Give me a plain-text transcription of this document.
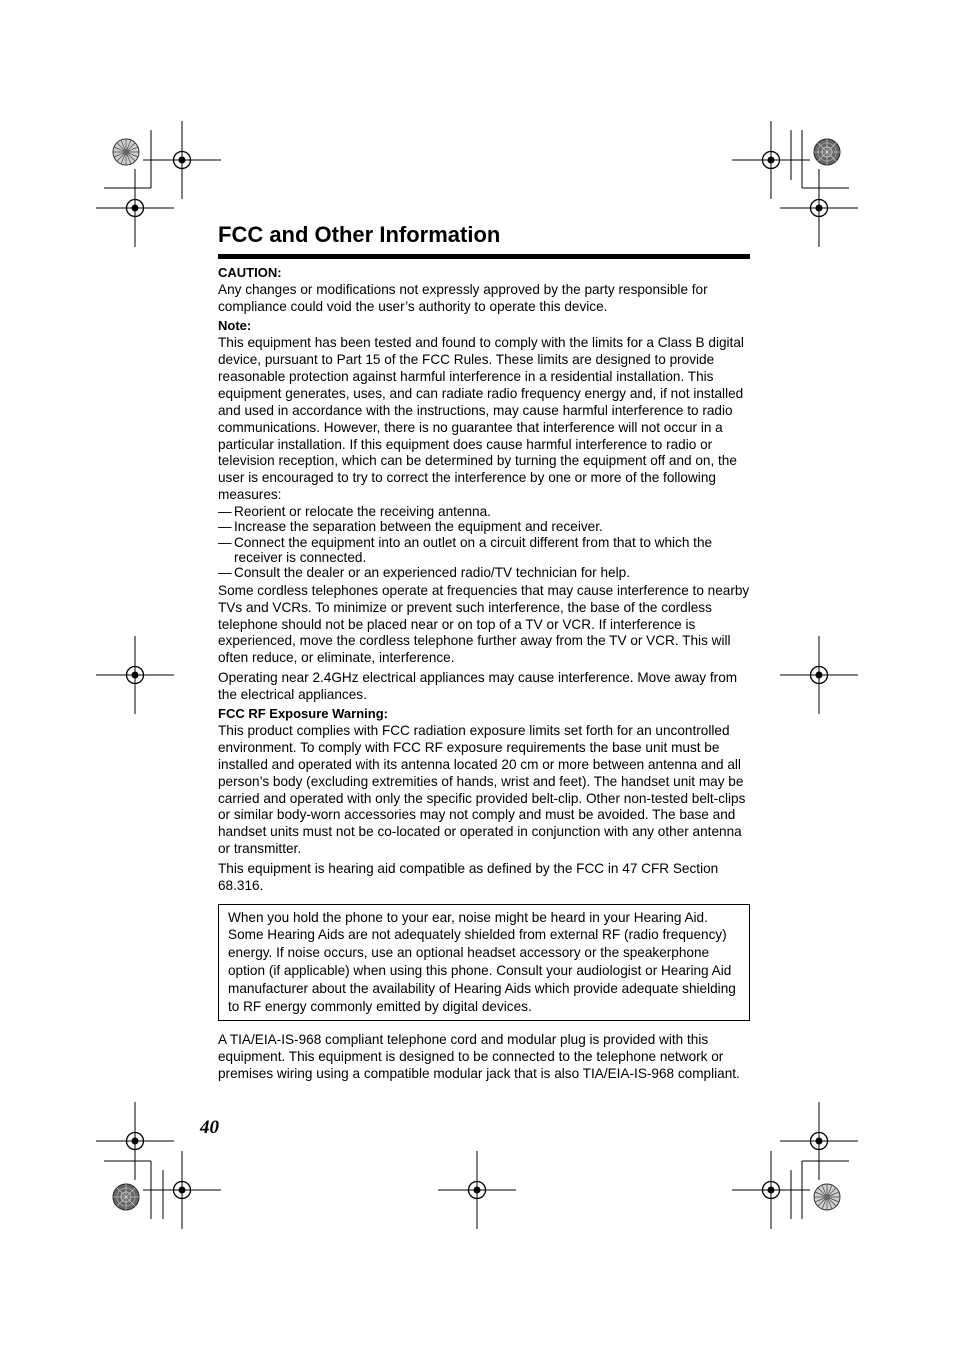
FCC and Other Information

CAUTION:

Any changes or modifications not expressly approved by the party responsible for compliance could void the user’s authority to operate this device.

Note:

This equipment has been tested and found to comply with the limits for a Class B digital device, pursuant to Part 15 of the FCC Rules. These limits are designed to provide reasonable protection against harmful interference in a residential installation. This equipment generates, uses, and can radiate radio frequency energy and, if not installed and used in accordance with the instructions, may cause harmful interference to radio communications. However, there is no guarantee that interference will not occur in a particular installation. If this equipment does cause harmful interference to radio or television reception, which can be determined by turning the equipment off and on, the user is encouraged to try to correct the interference by one or more of the following measures:

— Reorient or relocate the receiving antenna.
— Increase the separation between the equipment and receiver.
— Connect the equipment into an outlet on a circuit different from that to which the receiver is connected.
— Consult the dealer or an experienced radio/TV technician for help.

Some cordless telephones operate at frequencies that may cause interference to nearby TVs and VCRs. To minimize or prevent such interference, the base of the cordless telephone should not be placed near or on top of a TV or VCR. If interference is experienced, move the cordless telephone further away from the TV or VCR. This will often reduce, or eliminate, interference.

Operating near 2.4GHz electrical appliances may cause interference. Move away from the electrical appliances.

FCC RF Exposure Warning:

This product complies with FCC radiation exposure limits set forth for an uncontrolled environment. To comply with FCC RF exposure requirements the base unit must be installed and operated with its antenna located 20 cm or more between antenna and all person’s body (excluding extremities of hands, wrist and feet). The handset unit may be carried and operated with only the specific provided belt-clip. Other non-tested belt-clips or similar body-worn accessories may not comply and must be avoided. The base and handset units must not be co-located or operated in conjunction with any other antenna or transmitter.

This equipment is hearing aid compatible as defined by the FCC in 47 CFR Section 68.316.

When you hold the phone to your ear, noise might be heard in your Hearing Aid. Some Hearing Aids are not adequately shielded from external RF (radio frequency) energy. If noise occurs, use an optional headset accessory or the speakerphone option (if applicable) when using this phone. Consult your audiologist or Hearing Aid manufacturer about the availability of Hearing Aids which provide adequate shielding to RF energy commonly emitted by digital devices.

A TIA/EIA-IS-968 compliant telephone cord and modular plug is provided with this equipment. This equipment is designed to be connected to the telephone network or premises wiring using a compatible modular jack that is also TIA/EIA-IS-968 compliant.

40
